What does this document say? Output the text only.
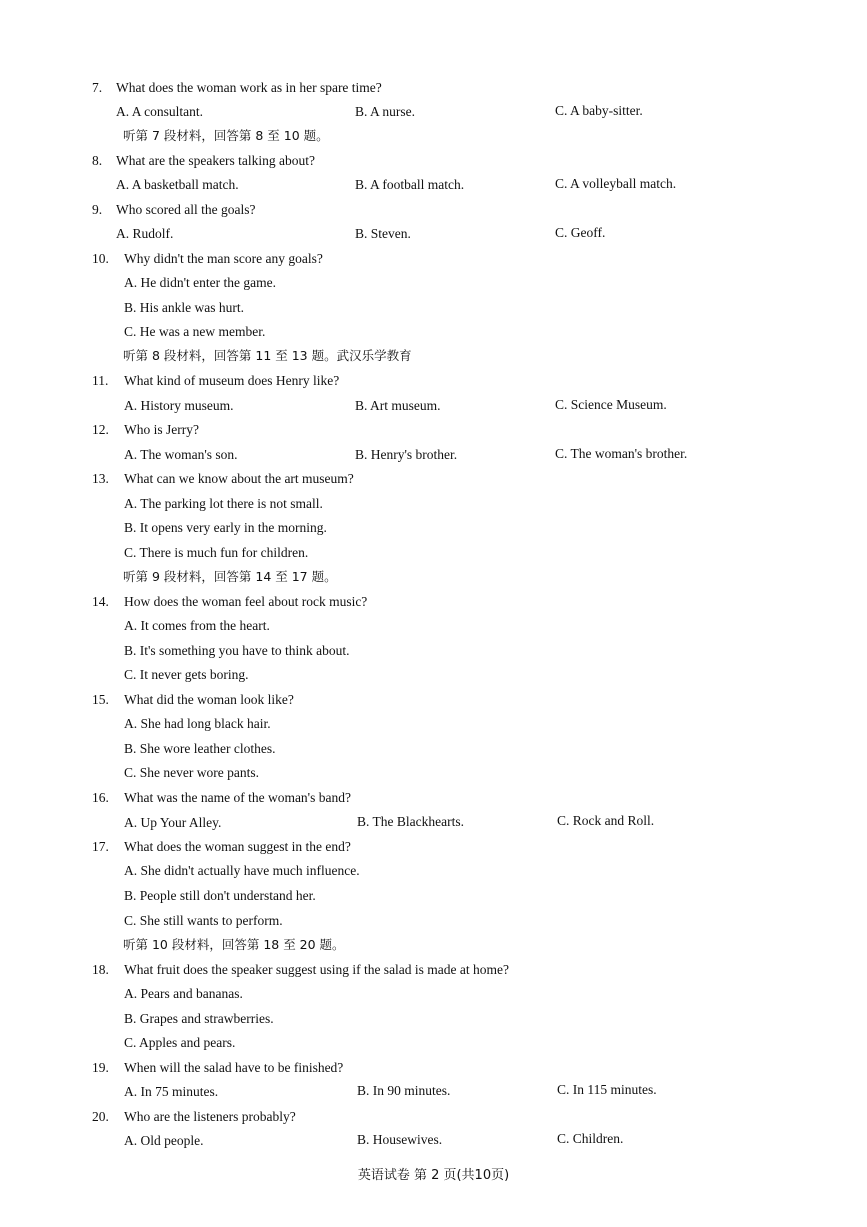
7. What does the woman work as in her spare time?
A. A consultant.	B. A nurse.	C. A baby-sitter.
听第 7 段材料，回答第 8 至 10 题。
8. What are the speakers talking about?
A. A basketball match.	B. A football match.	C. A volleyball match.
9. Who scored all the goals?
A. Rudolf.	B. Steven.	C. Geoff.
10. Why didn't the man score any goals?
A. He didn't enter the game.
B. His ankle was hurt.
C. He was a new member.
听第 8 段材料，回答第 11 至 13 题。武汉乐学教育
11. What kind of museum does Henry like?
A. History museum.	B. Art museum.	C. Science Museum.
12. Who is Jerry?
A. The woman's son.	B. Henry's brother.	C. The woman's brother.
13. What can we know about the art museum?
A. The parking lot there is not small.
B. It opens very early in the morning.
C. There is much fun for children.
听第 9 段材料，回答第 14 至 17 题。
14. How does the woman feel about rock music?
A. It comes from the heart.
B. It's something you have to think about.
C. It never gets boring.
15. What did the woman look like?
A. She had long black hair.
B. She wore leather clothes.
C. She never wore pants.
16. What was the name of the woman's band?
A. Up Your Alley.	B. The Blackhearts.	C. Rock and Roll.
17. What does the woman suggest in the end?
A. She didn't actually have much influence.
B. People still don't understand her.
C. She still wants to perform.
听第 10 段材料，回答第 18 至 20 题。
18. What fruit does the speaker suggest using if the salad is made at home?
A. Pears and bananas.
B. Grapes and strawberries.
C. Apples and pears.
19. When will the salad have to be finished?
A. In 75 minutes.	B. In 90 minutes.	C. In 115 minutes.
20. Who are the listeners probably?
A. Old people.	B. Housewives.	C. Children.
英语试卷 第 2 页(共10页)
